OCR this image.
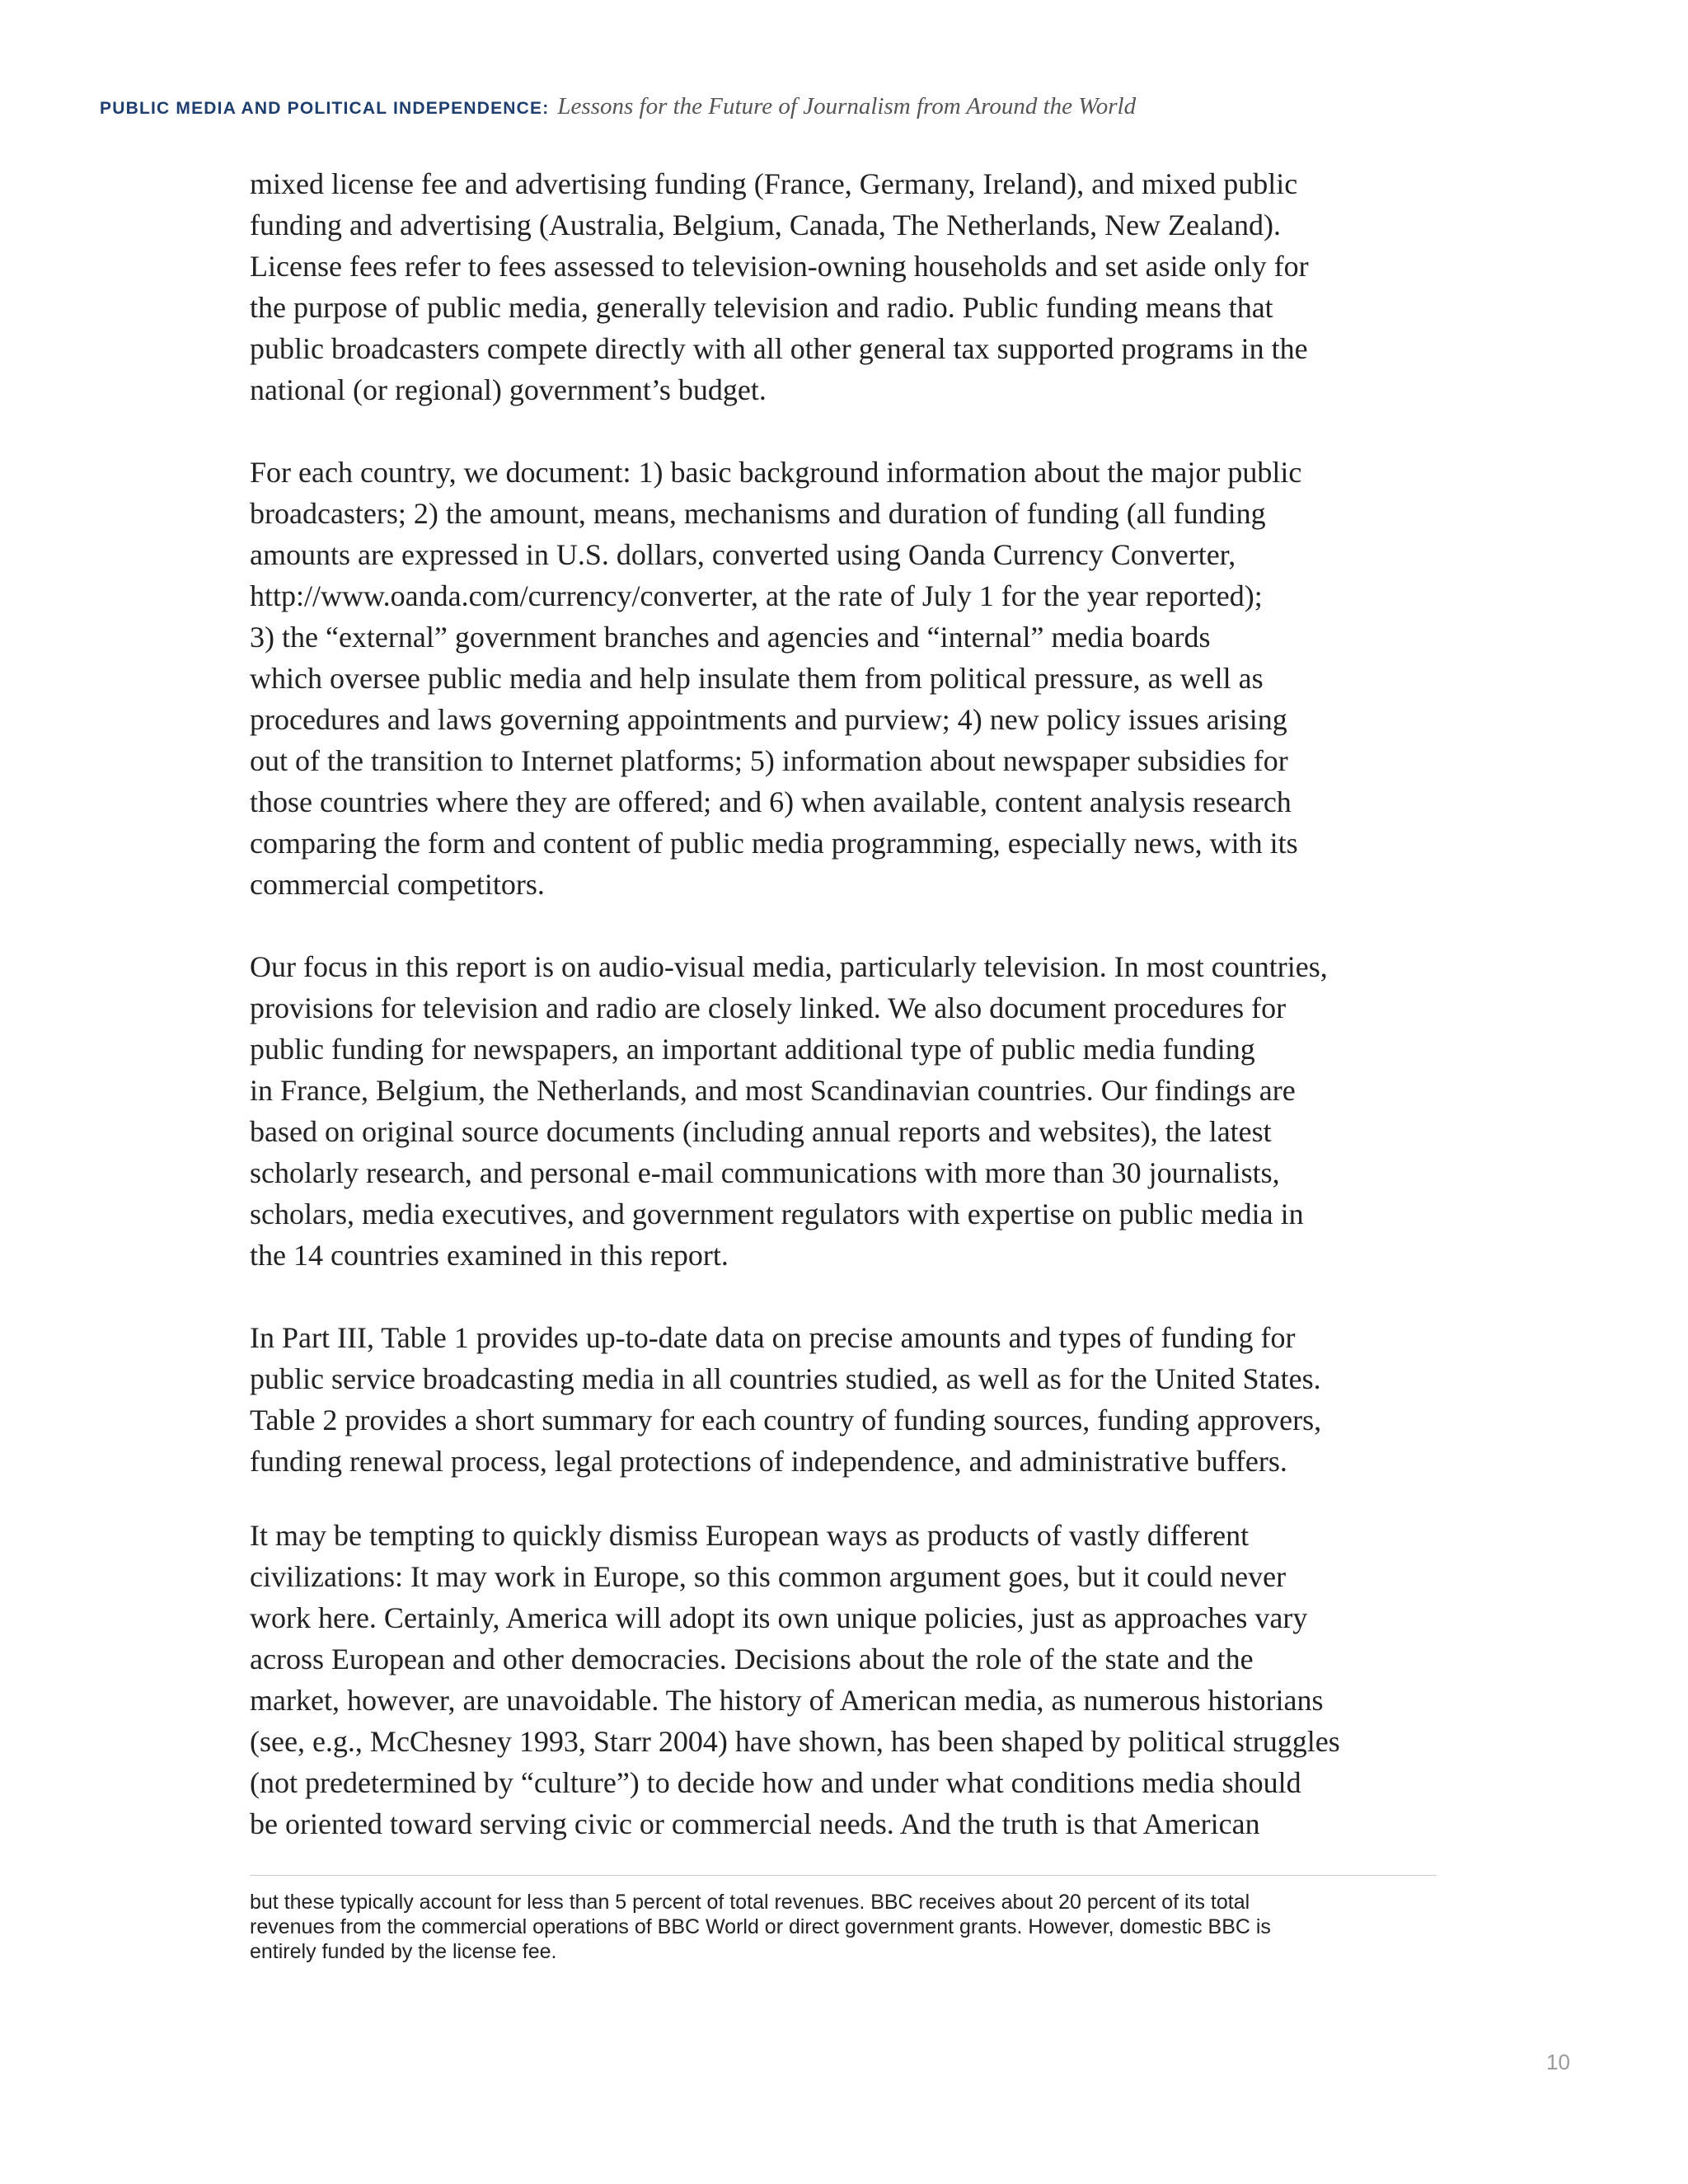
PUBLIC MEDIA AND POLITICAL INDEPENDENCE: Lessons for the Future of Journalism from Around the World

mixed license fee and advertising funding (France, Germany, Ireland), and mixed public
funding and advertising (Australia, Belgium, Canada, The Netherlands, New Zealand).
License fees refer to fees assessed to television-owning households and set aside only for
the purpose of public media, generally television and radio. Public funding means that
public broadcasters compete directly with all other general tax supported programs in the
national (or regional) government’s budget.

For each country, we document: 1) basic background information about the major public
broadcasters; 2) the amount, means, mechanisms and duration of funding (all funding
amounts are expressed in U.S. dollars, converted using Oanda Currency Converter,
http://www.oanda.com/currency/converter, at the rate of July 1 for the year reported);
3) the “external” government branches and agencies and “internal” media boards
which oversee public media and help insulate them from political pressure, as well as
procedures and laws governing appointments and purview; 4) new policy issues arising
out of the transition to Internet platforms; 5) information about newspaper subsidies for
those countries where they are offered; and 6) when available, content analysis research
comparing the form and content of public media programming, especially news, with its
commercial competitors.

Our focus in this report is on audio-visual media, particularly television. In most countries,
provisions for television and radio are closely linked. We also document procedures for
public funding for newspapers, an important additional type of public media funding
in France, Belgium, the Netherlands, and most Scandinavian countries. Our findings are
based on original source documents (including annual reports and websites), the latest
scholarly research, and personal e-mail communications with more than 30 journalists,
scholars, media executives, and government regulators with expertise on public media in
the 14 countries examined in this report.

In Part III, Table 1 provides up-to-date data on precise amounts and types of funding for
public service broadcasting media in all countries studied, as well as for the United States.
Table 2 provides a short summary for each country of funding sources, funding approvers,
funding renewal process, legal protections of independence, and administrative buffers.

It may be tempting to quickly dismiss European ways as products of vastly different
civilizations: It may work in Europe, so this common argument goes, but it could never
work here. Certainly, America will adopt its own unique policies, just as approaches vary
across European and other democracies. Decisions about the role of the state and the
market, however, are unavoidable. The history of American media, as numerous historians
(see, e.g., McChesney 1993, Starr 2004) have shown, has been shaped by political struggles
(not predetermined by “culture”) to decide how and under what conditions media should
be oriented toward serving civic or commercial needs. And the truth is that American

but these typically account for less than 5 percent of total revenues. BBC receives about 20 percent of its total
revenues from the commercial operations of BBC World or direct government grants. However, domestic BBC is
entirely funded by the license fee.
10
